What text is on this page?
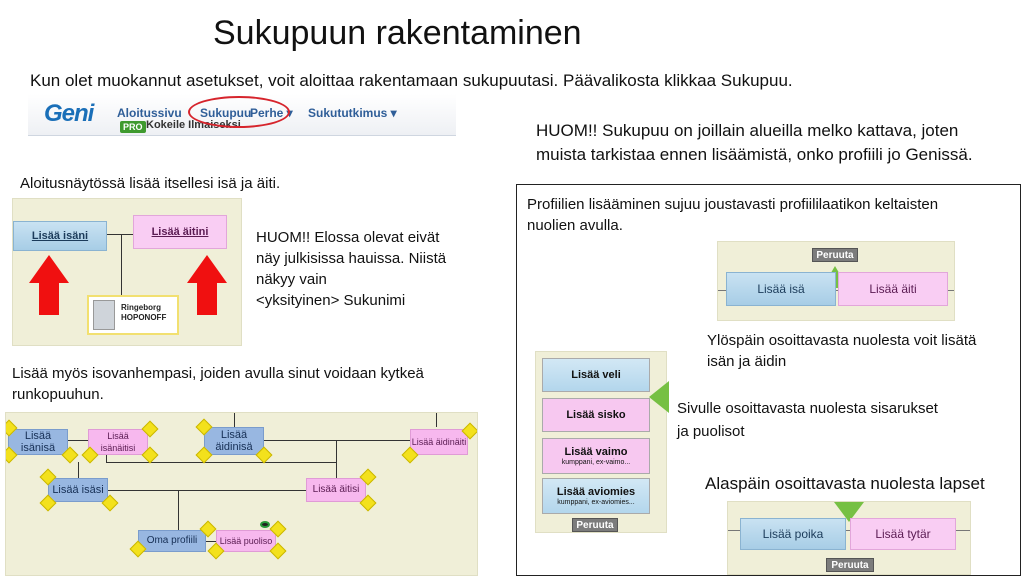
Sukupuun rakentaminen
Kun olet muokannut asetukset, voit aloittaa rakentamaan sukupuutasi. Päävalikosta klikkaa Sukupuu.
Geni Aloitussivu Sukupuu
Perhe ▾ Sukututkimus ▾
PRO Kokeile Ilmaiseksi	HUOM!! Sukupuu on joillain alueilla melko kattava, joten
muista tarkistaa ennen lisäämistä, onko profiili jo Genissä.
Aloitusnäytössä lisää itsellesi isä ja äiti.
Lisää isäni	Lisää äitini
Ringeborg
HOPONOFF
HUOM!! Elossa olevat eivät
näy julkisissa hauissa. Niistä
näkyy vain
<yksityinen> Sukunimi
Lisää myös isovanhempasi, joiden avulla sinut voidaan kytkeä
runkopuuhun.
Lisää isänisä
Lisää isänäitisi
Lisää äidinisä	Lisää äidinäiti
Lisää isäsi	Lisää äitisi
Oma profiili	Lisää puoliso
Profiilien lisääminen sujuu joustavasti profiililaatikon keltaisten
nuolien avulla.
Peruuta
Lisää isä	Lisää äiti
Ylöspäin osoittavasta nuolesta voit lisätä
isän ja äidin
Lisää veli
Lisää sisko
Lisää vaimo
kumppani, ex-vaimo...
Lisää aviomies
kumppani, ex-aviomies...
Peruuta
Sivulle osoittavasta nuolesta sisarukset
ja puolisot
Alaspäin osoittavasta nuolesta lapset
Lisää poika	Lisää tytär
Peruuta
